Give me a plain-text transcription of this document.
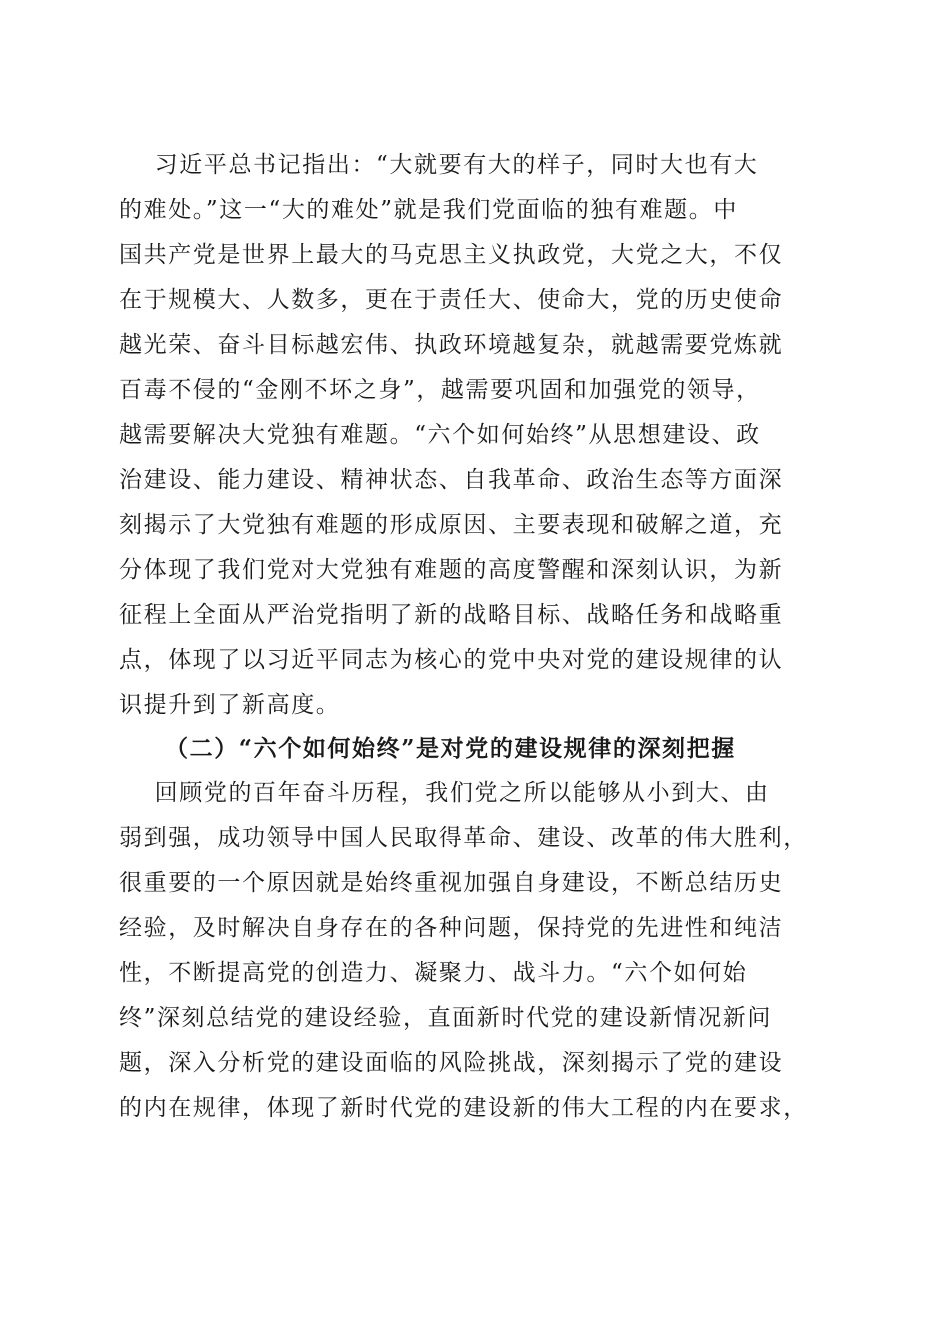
习近平总书记指出：“大就要有大的样子，同时大也有大
的难处。”这一“大的难处”就是我们党面临的独有难题。中
国共产党是世界上最大的马克思主义执政党，大党之大，不仅
在于规模大、人数多，更在于责任大、使命大，党的历史使命
越光荣、奋斗目标越宏伟、执政环境越复杂，就越需要党炼就
百毒不侵的“金刚不坏之身”，越需要巩固和加强党的领导，
越需要解决大党独有难题。“六个如何始终”从思想建设、政
治建设、能力建设、精神状态、自我革命、政治生态等方面深
刻揭示了大党独有难题的形成原因、主要表现和破解之道，充
分体现了我们党对大党独有难题的高度警醒和深刻认识，为新
征程上全面从严治党指明了新的战略目标、战略任务和战略重
点，体现了以习近平同志为核心的党中央对党的建设规律的认
识提升到了新高度。
（二）“六个如何始终”是对党的建设规律的深刻把握
回顾党的百年奋斗历程，我们党之所以能够从小到大、由
弱到强，成功领导中国人民取得革命、建设、改革的伟大胜利，
很重要的一个原因就是始终重视加强自身建设，不断总结历史
经验，及时解决自身存在的各种问题，保持党的先进性和纯洁
性，不断提高党的创造力、凝聚力、战斗力。“六个如何始
终”深刻总结党的建设经验，直面新时代党的建设新情况新问
题，深入分析党的建设面临的风险挑战，深刻揭示了党的建设
的内在规律，体现了新时代党的建设新的伟大工程的内在要求，
